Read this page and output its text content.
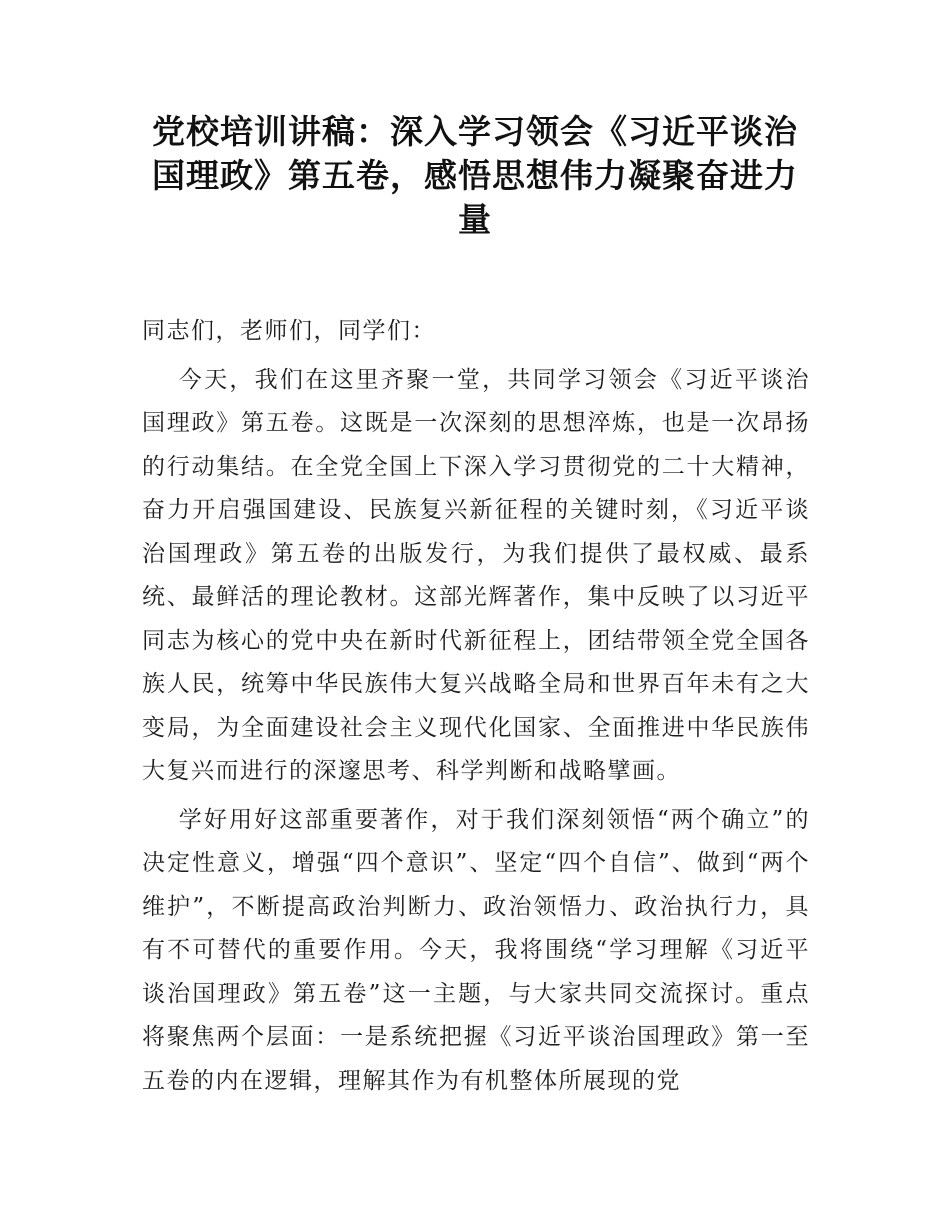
党校培训讲稿：深入学习领会《习近平谈治国理政》第五卷，感悟思想伟力凝聚奋进力量

同志们，老师们，同学们：

今天，我们在这里齐聚一堂，共同学习领会《习近平谈治国理政》第五卷。这既是一次深刻的思想淬炼，也是一次昂扬的行动集结。在全党全国上下深入学习贯彻党的二十大精神，奋力开启强国建设、民族复兴新征程的关键时刻，《习近平谈治国理政》第五卷的出版发行，为我们提供了最权威、最系统、最鲜活的理论教材。这部光辉著作，集中反映了以习近平同志为核心的党中央在新时代新征程上，团结带领全党全国各族人民，统筹中华民族伟大复兴战略全局和世界百年未有之大变局，为全面建设社会主义现代化国家、全面推进中华民族伟大复兴而进行的深邃思考、科学判断和战略擘画。

学好用好这部重要著作，对于我们深刻领悟“两个确立”的决定性意义，增强“四个意识”、坚定“四个自信”、做到“两个维护”，不断提高政治判断力、政治领悟力、政治执行力，具有不可替代的重要作用。今天，我将围绕“学习理解《习近平谈治国理政》第五卷”这一主题，与大家共同交流探讨。重点将聚焦两个层面：一是系统把握《习近平谈治国理政》第一至五卷的内在逻辑，理解其作为有机整体所展现的党
